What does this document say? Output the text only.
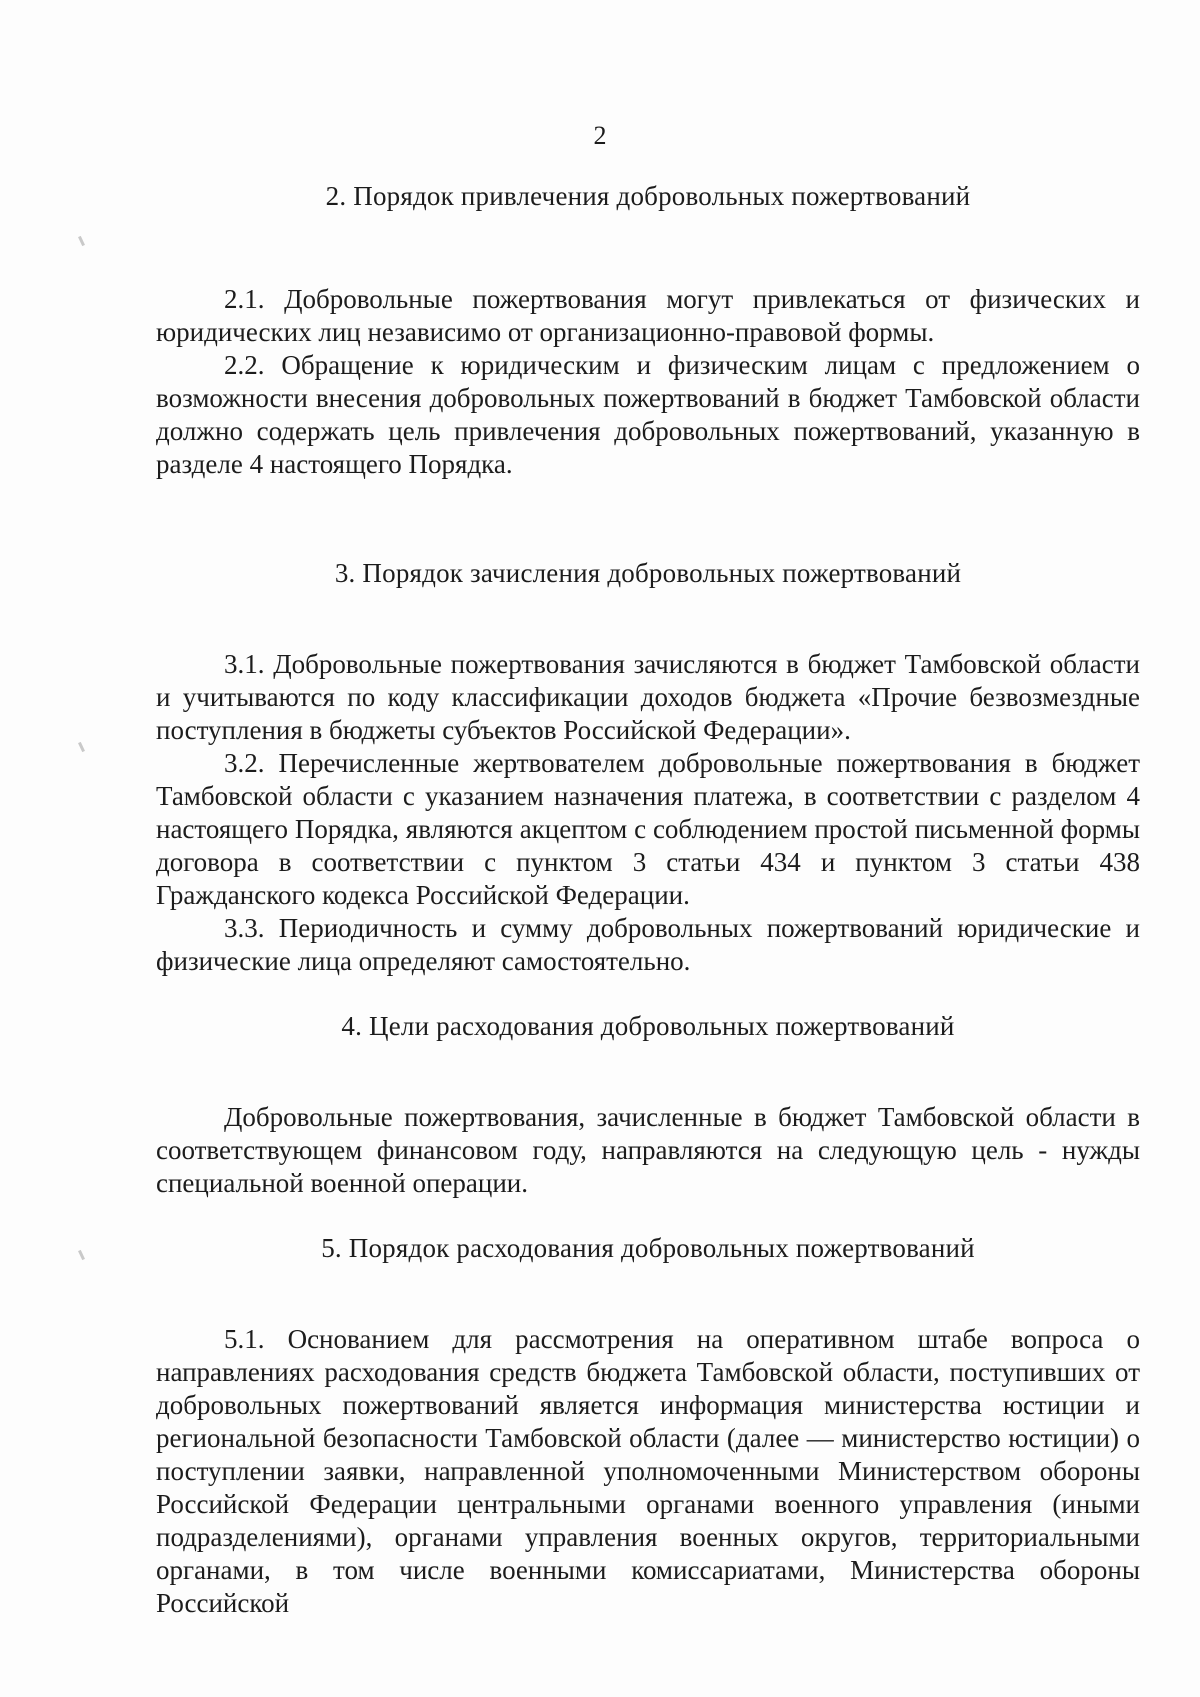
2
2. Порядок привлечения добровольных пожертвований

2.1. Добровольные пожертвования могут привлекаться от физических и юридических лиц независимо от организационно-правовой формы.

2.2. Обращение к юридическим и физическим лицам с предложением о возможности внесения добровольных пожертвований в бюджет Тамбовской области должно содержать цель привлечения добровольных пожертвований, указанную в разделе 4 настоящего Порядка.

3. Порядок зачисления добровольных пожертвований

3.1. Добровольные пожертвования зачисляются в бюджет Тамбовской области и учитываются по коду классификации доходов бюджета «Прочие безвозмездные поступления в бюджеты субъектов Российской Федерации».

3.2. Перечисленные жертвователем добровольные пожертвования в бюджет Тамбовской области с указанием назначения платежа, в соответствии с разделом 4 настоящего Порядка, являются акцептом с соблюдением простой письменной формы договора в соответствии с пунктом 3 статьи 434 и пунктом 3 статьи 438 Гражданского кодекса Российской Федерации.

3.3. Периодичность и сумму добровольных пожертвований юридические и физические лица определяют самостоятельно.

4. Цели расходования добровольных пожертвований

Добровольные пожертвования, зачисленные в бюджет Тамбовской области в соответствующем финансовом году, направляются на следующую цель - нужды специальной военной операции.

5. Порядок расходования добровольных пожертвований

5.1. Основанием для рассмотрения на оперативном штабе вопроса о направлениях расходования средств бюджета Тамбовской области, поступивших от добровольных пожертвований является информация министерства юстиции и региональной безопасности Тамбовской области (далее — министерство юстиции) о поступлении заявки, направленной уполномоченными Министерством обороны Российской Федерации центральными органами военного управления (иными подразделениями), органами управления военных округов, территориальными органами, в том числе военными комиссариатами, Министерства обороны Российской
